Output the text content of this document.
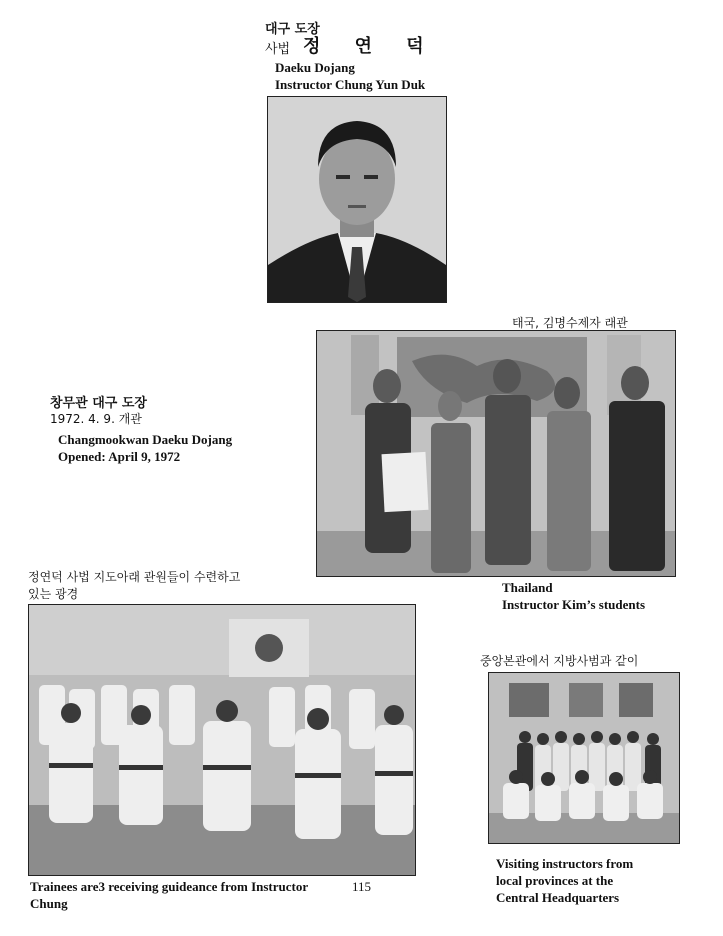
대구 도장
사법 정 연 덕
Daeku Dojang
Instructor Chung Yun Duk
창무관 대구 도장
1972. 4. 9. 개관
Changmookwan Daeku Dojang
Opened: April 9, 1972
태국, 김명수제자 래관
Thailand
Instructor Kim’s students
정연덕 사법 지도아래 관원들이 수련하고
있는 광경
Trainees are3 receiving guideance from Instructor
Chung
115
중앙본관에서 지방사범과 같이
Visiting instructors from
local provinces at the
Central Headquarters
